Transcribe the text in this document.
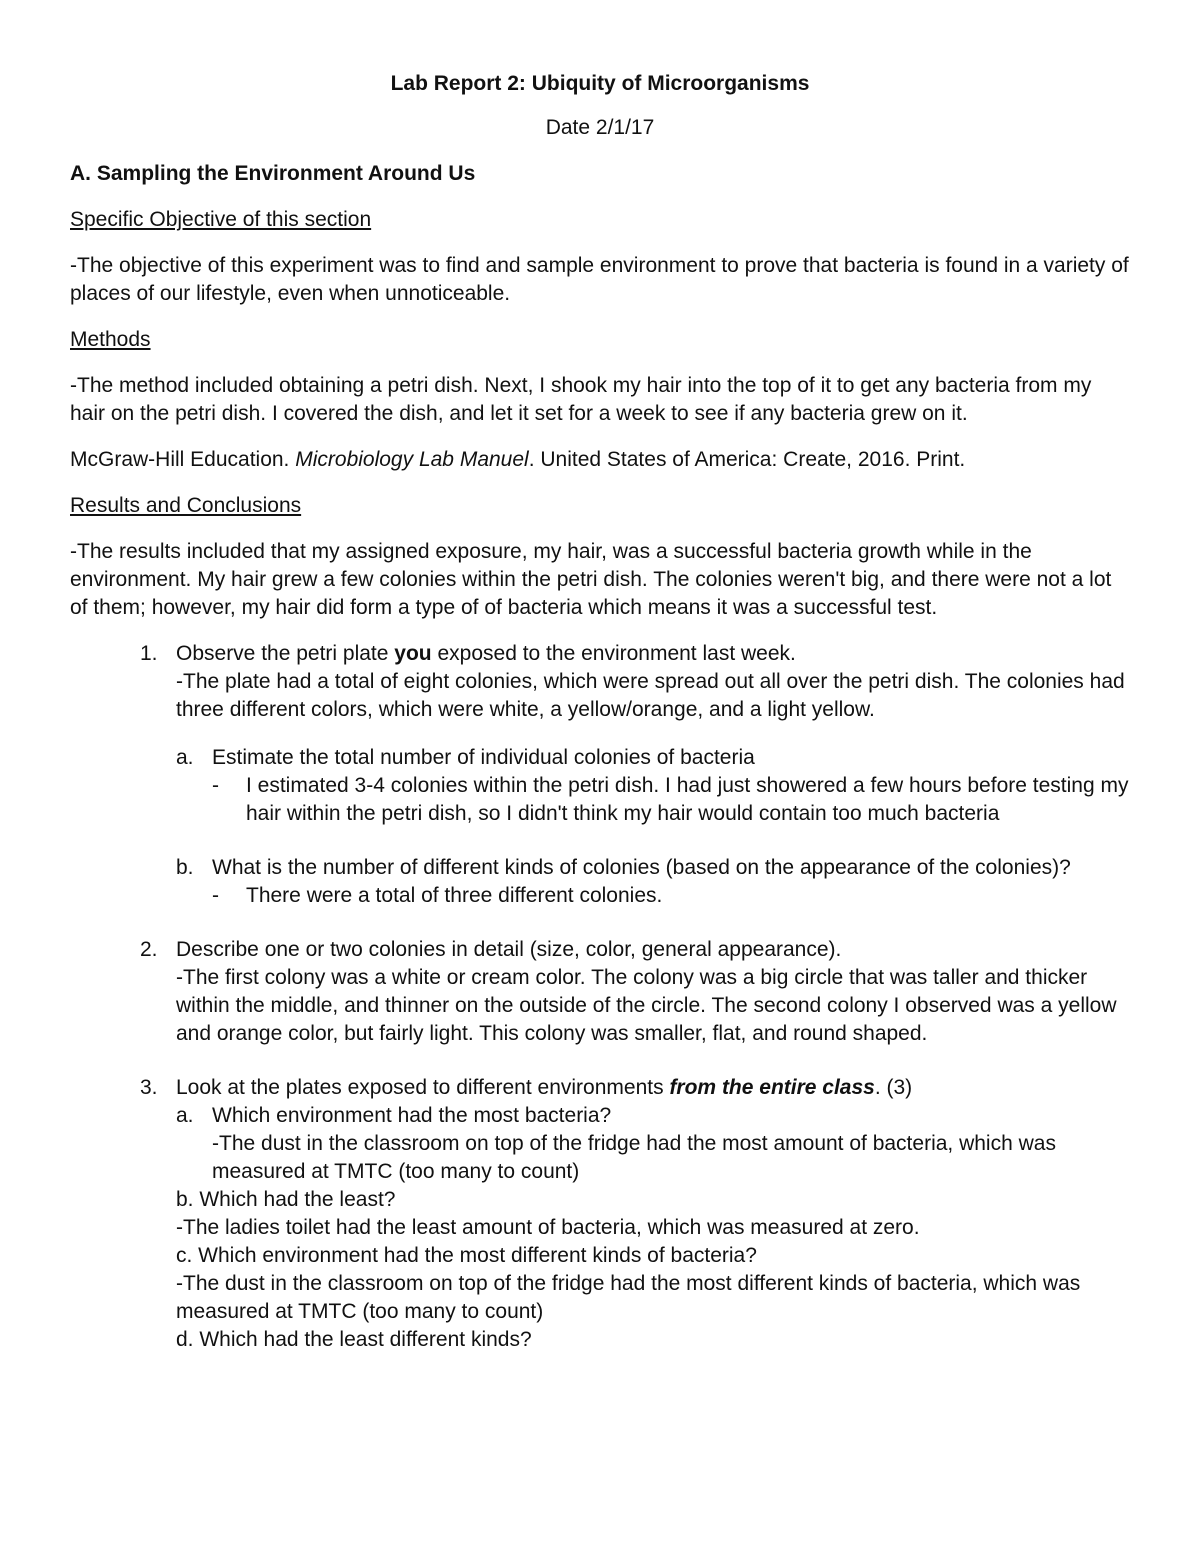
Lab Report 2: Ubiquity of Microorganisms
Date 2/1/17
A. Sampling the Environment Around Us
Specific Objective of this section
-The objective of this experiment was to find and sample environment to prove that bacteria is found in a variety of places of our lifestyle, even when unnoticeable.
Methods
-The method included obtaining a petri dish. Next, I shook my hair into the top of it to get any bacteria from my hair on the petri dish. I covered the dish, and let it set for a week to see if any bacteria grew on it.
McGraw-Hill Education. Microbiology Lab Manuel. United States of America: Create, 2016. Print.
Results and Conclusions
-The results included that my assigned exposure, my hair, was a successful bacteria growth while in the environment. My hair grew a few colonies within the petri dish. The colonies weren't big, and there were not a lot of them; however, my hair did form a type of of bacteria which means it was a successful test.
1. Observe the petri plate you exposed to the environment last week.
-The plate had a total of eight colonies, which were spread out all over the petri dish. The colonies had three different colors, which were white, a yellow/orange, and a light yellow.
a. Estimate the total number of individual colonies of bacteria
- I estimated 3-4 colonies within the petri dish. I had just showered a few hours before testing my hair within the petri dish, so I didn't think my hair would contain too much bacteria
b. What is the number of different kinds of colonies (based on the appearance of the colonies)?
- There were a total of three different colonies.
2. Describe one or two colonies in detail (size, color, general appearance).
-The first colony was a white or cream color. The colony was a big circle that was taller and thicker within the middle, and thinner on the outside of the circle. The second colony I observed was a yellow and orange color, but fairly light. This colony was smaller, flat, and round shaped.
3. Look at the plates exposed to different environments from the entire class. (3)
a. Which environment had the most bacteria?
-The dust in the classroom on top of the fridge had the most amount of bacteria, which was measured at TMTC (too many to count)
b. Which had the least?
-The ladies toilet had the least amount of bacteria, which was measured at zero.
c. Which environment had the most different kinds of bacteria?
-The dust in the classroom on top of the fridge had the most different kinds of bacteria, which was measured at TMTC (too many to count)
d. Which had the least different kinds?
